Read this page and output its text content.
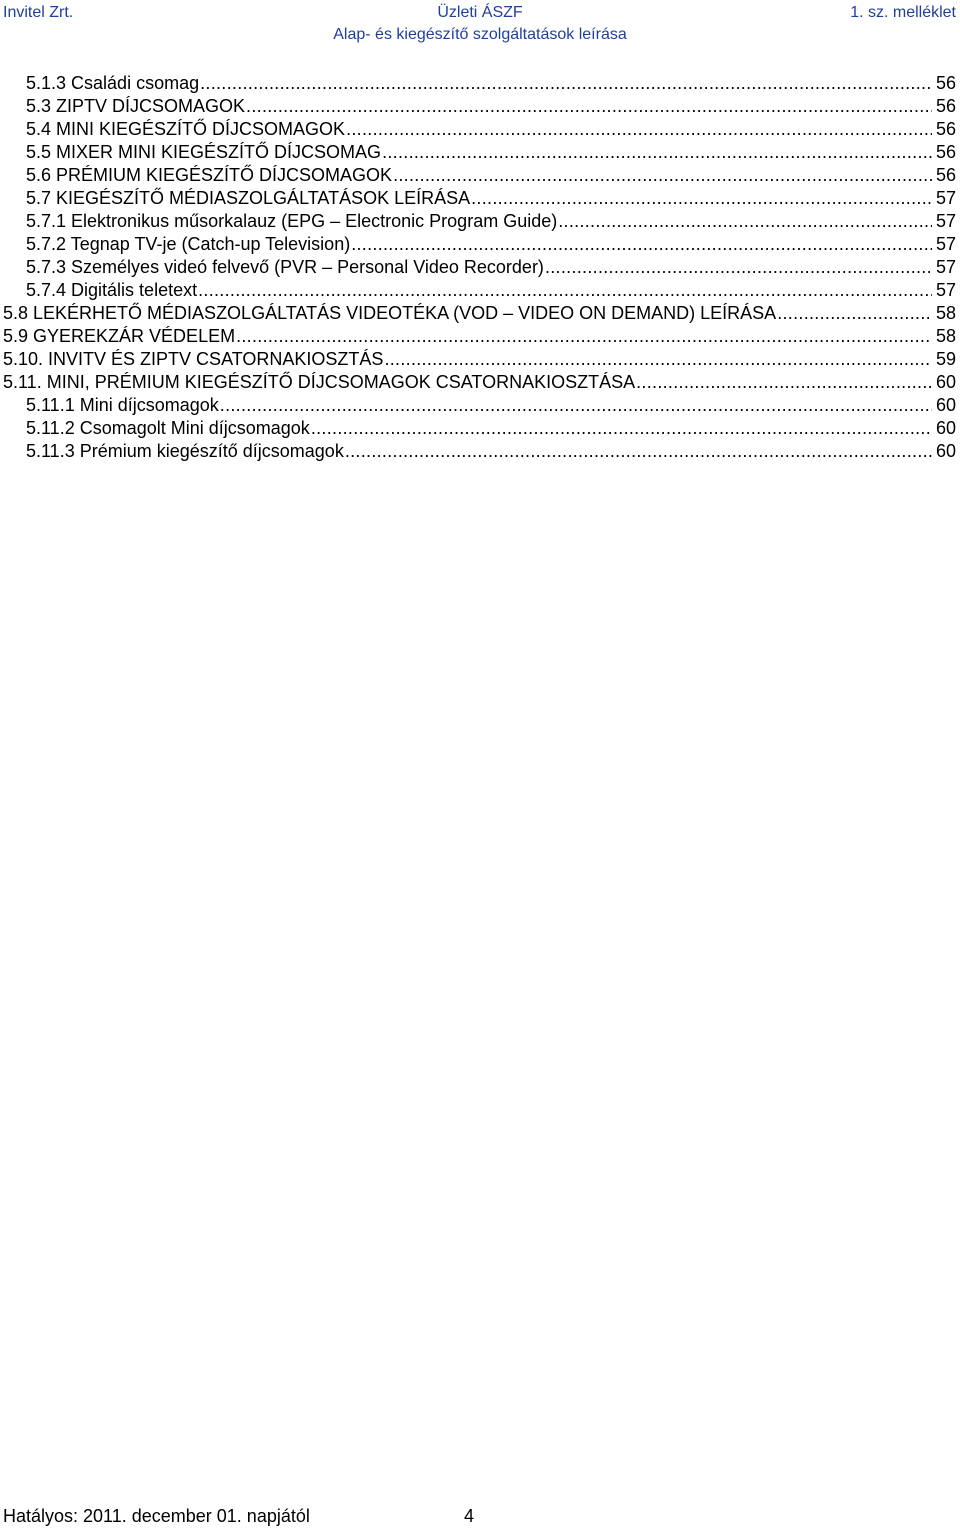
Invitel Zrt.	Üzleti ÁSZF	1. sz. melléklet
Alap- és kiegészítő szolgáltatások leírása
5.1.3 Családi csomag .....	56
5.3 ZIPTV DÍJCSOMAGOK .....	56
5.4 MINI KIEGÉSZÍTŐ DÍJCSOMAGOK .....	56
5.5 MIXER MINI KIEGÉSZÍTŐ DÍJCSOMAG .....	56
5.6 PRÉMIUM KIEGÉSZÍTŐ DÍJCSOMAGOK .....	56
5.7 KIEGÉSZÍTŐ MÉDIASZOLGÁLTATÁSOK LEÍRÁSA .....	57
5.7.1 Elektronikus műsorkalauz (EPG – Electronic Program Guide) .....	57
5.7.2 Tegnap TV-je (Catch-up Television) .....	57
5.7.3 Személyes videó felvevő (PVR – Personal Video Recorder) .....	57
5.7.4 Digitális teletext .....	57
5.8 LEKÉRHETŐ MÉDIASZOLGÁLTATÁS VIDEOTÉKA (VOD – VIDEO ON DEMAND) LEÍRÁSA .....	58
5.9 GYEREKZÁR VÉDELEM .....	58
5.10. INVITV ÉS ZIPTV CSATORNAKIOSZTÁS .....	59
5.11. MINI, PRÉMIUM KIEGÉSZÍTŐ DÍJCSOMAGOK CSATORNAKIOSZTÁSA .....	60
5.11.1 Mini díjcsomagok .....	60
5.11.2 Csomagolt Mini díjcsomagok .....	60
5.11.3 Prémium kiegészítő díjcsomagok .....	60
Hatályos: 2011. december 01. napjától	4
